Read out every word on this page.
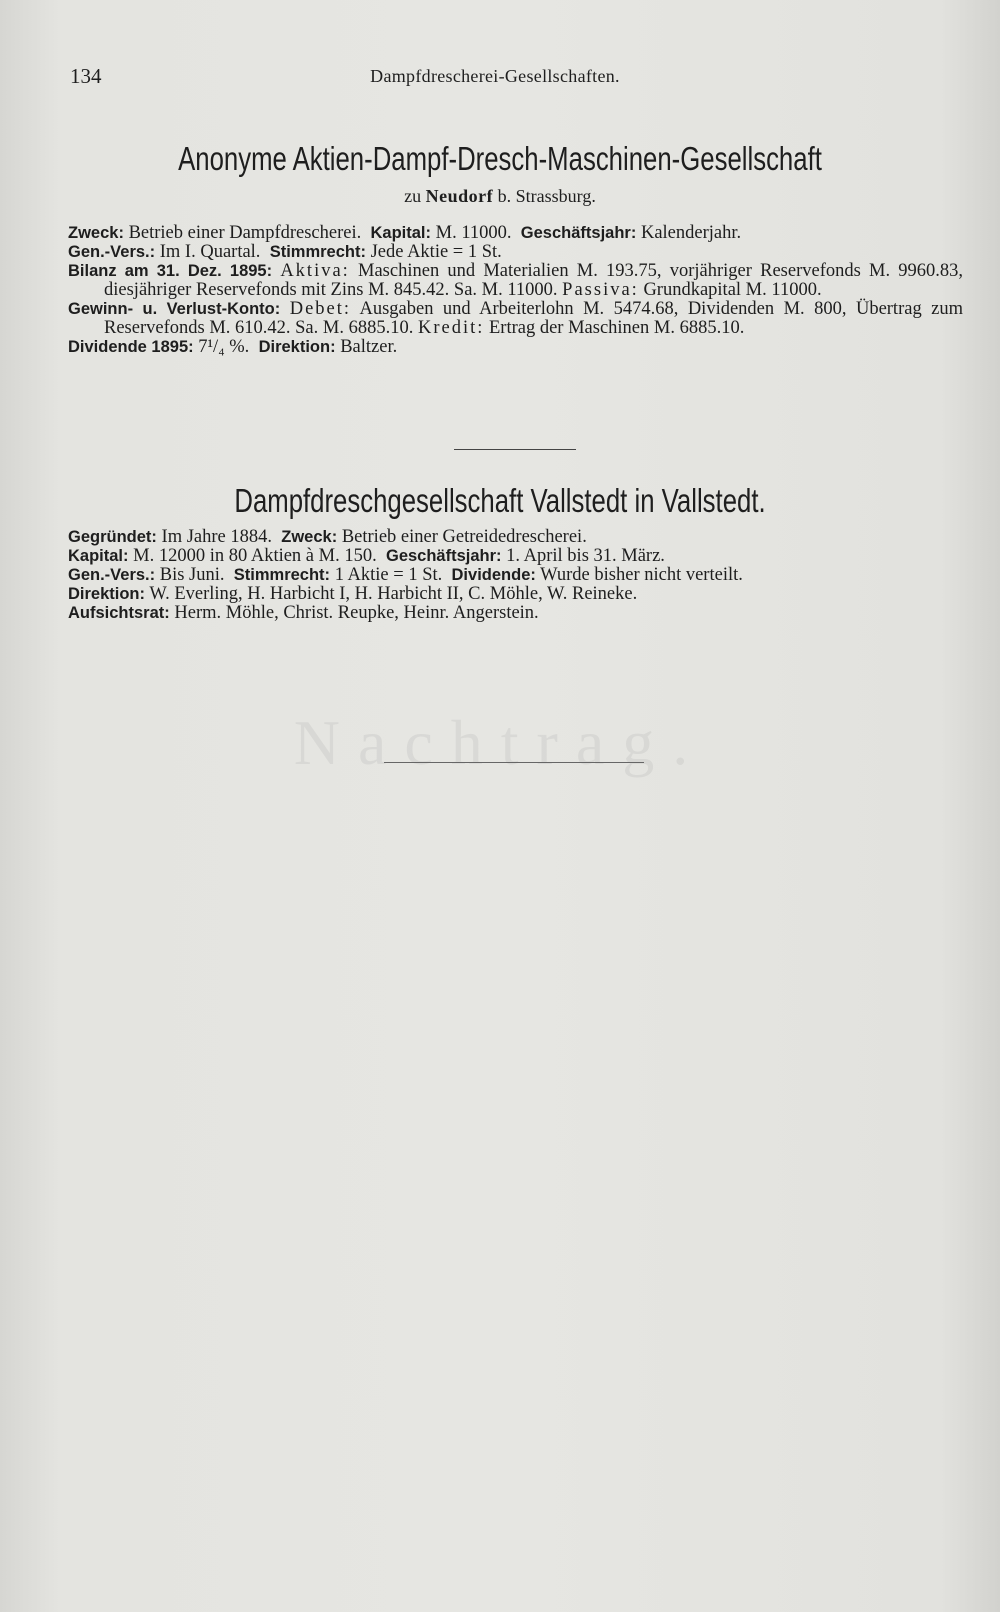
134	Dampfdrescherei-Gesellschaften.
Anonyme Aktien-Dampf-Dresch-Maschinen-Gesellschaft
zu Neudorf b. Strassburg.

Zweck: Betrieb einer Dampfdrescherei. Kapital: M. 11000. Geschäftsjahr: Kalenderjahr.

Gen.-Vers.: Im I. Quartal. Stimmrecht: Jede Aktie = 1 St.

Bilanz am 31. Dez. 1895: Aktiva: Maschinen und Materialien M. 193.75, vorjähriger Reservefonds M. 9960.83, diesjähriger Reservefonds mit Zins M. 845.42. Sa. M. 11000. Passiva: Grundkapital M. 11000.

Gewinn- u. Verlust-Konto: Debet: Ausgaben und Arbeiterlohn M. 5474.68, Dividenden M. 800, Übertrag zum Reservefonds M. 610.42. Sa. M. 6885.10. Kredit: Ertrag der Maschinen M. 6885.10.

Dividende 1895: 7¹/₄ %. Direktion: Baltzer.

Dampfdreschgesellschaft Vallstedt in Vallstedt.

Gegründet: Im Jahre 1884. Zweck: Betrieb einer Getreidedrescherei.

Kapital: M. 12000 in 80 Aktien à M. 150. Geschäftsjahr: 1. April bis 31. März.

Gen.-Vers.: Bis Juni. Stimmrecht: 1 Aktie = 1 St. Dividende: Wurde bisher nicht verteilt.

Direktion: W. Everling, H. Harbicht I, H. Harbicht II, C. Möhle, W. Reineke.

Aufsichtsrat: Herm. Möhle, Christ. Reupke, Heinr. Angerstein.

Nachtrag.
